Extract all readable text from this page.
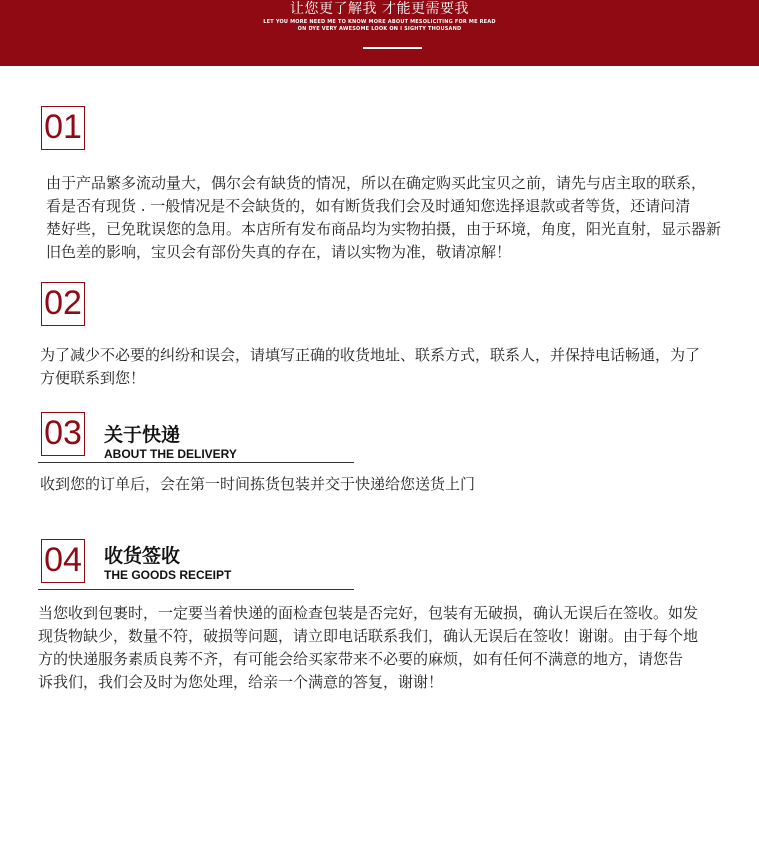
让您更了解我 才能更需要我
LET YOU MORE NEED ME TO KNOW MORE ABOUT MESOLICITING FOR ME READ
ON DYE VERY AWESOME LOOK ON I SIGHTY THOUSAND
01
由于产品繁多流动量大，偶尔会有缺货的情况，所以在确定购买此宝贝之前，请先与店主取的联系，
看是否有现货 . 一般情况是不会缺货的，如有断货我们会及时通知您选择退款或者等货，还请问清
楚好些，已免耽误您的急用。本店所有发布商品均为实物拍摄，由于环境，角度，阳光直射，显示器新
旧色差的影响，宝贝会有部份失真的存在，请以实物为准，敬请凉解！
02
为了减少不必要的纠纷和误会，请填写正确的收货地址、联系方式，联系人，并保持电话畅通，为了
方便联系到您！
03 关于快递
ABOUT THE DELIVERY
收到您的订单后，会在第一时间拣货包装并交于快递给您送货上门
04 收货签收
THE GOODS RECEIPT
当您收到包裹时，一定要当着快递的面检查包装是否完好，包装有无破损，确认无误后在签收。如发
现货物缺少，数量不符，破损等问题，请立即电话联系我们，确认无误后在签收！谢谢。由于每个地
方的快递服务素质良莠不齐，有可能会给买家带来不必要的麻烦，如有任何不满意的地方，请您告
诉我们，我们会及时为您处理，给亲一个满意的答复，谢谢！
